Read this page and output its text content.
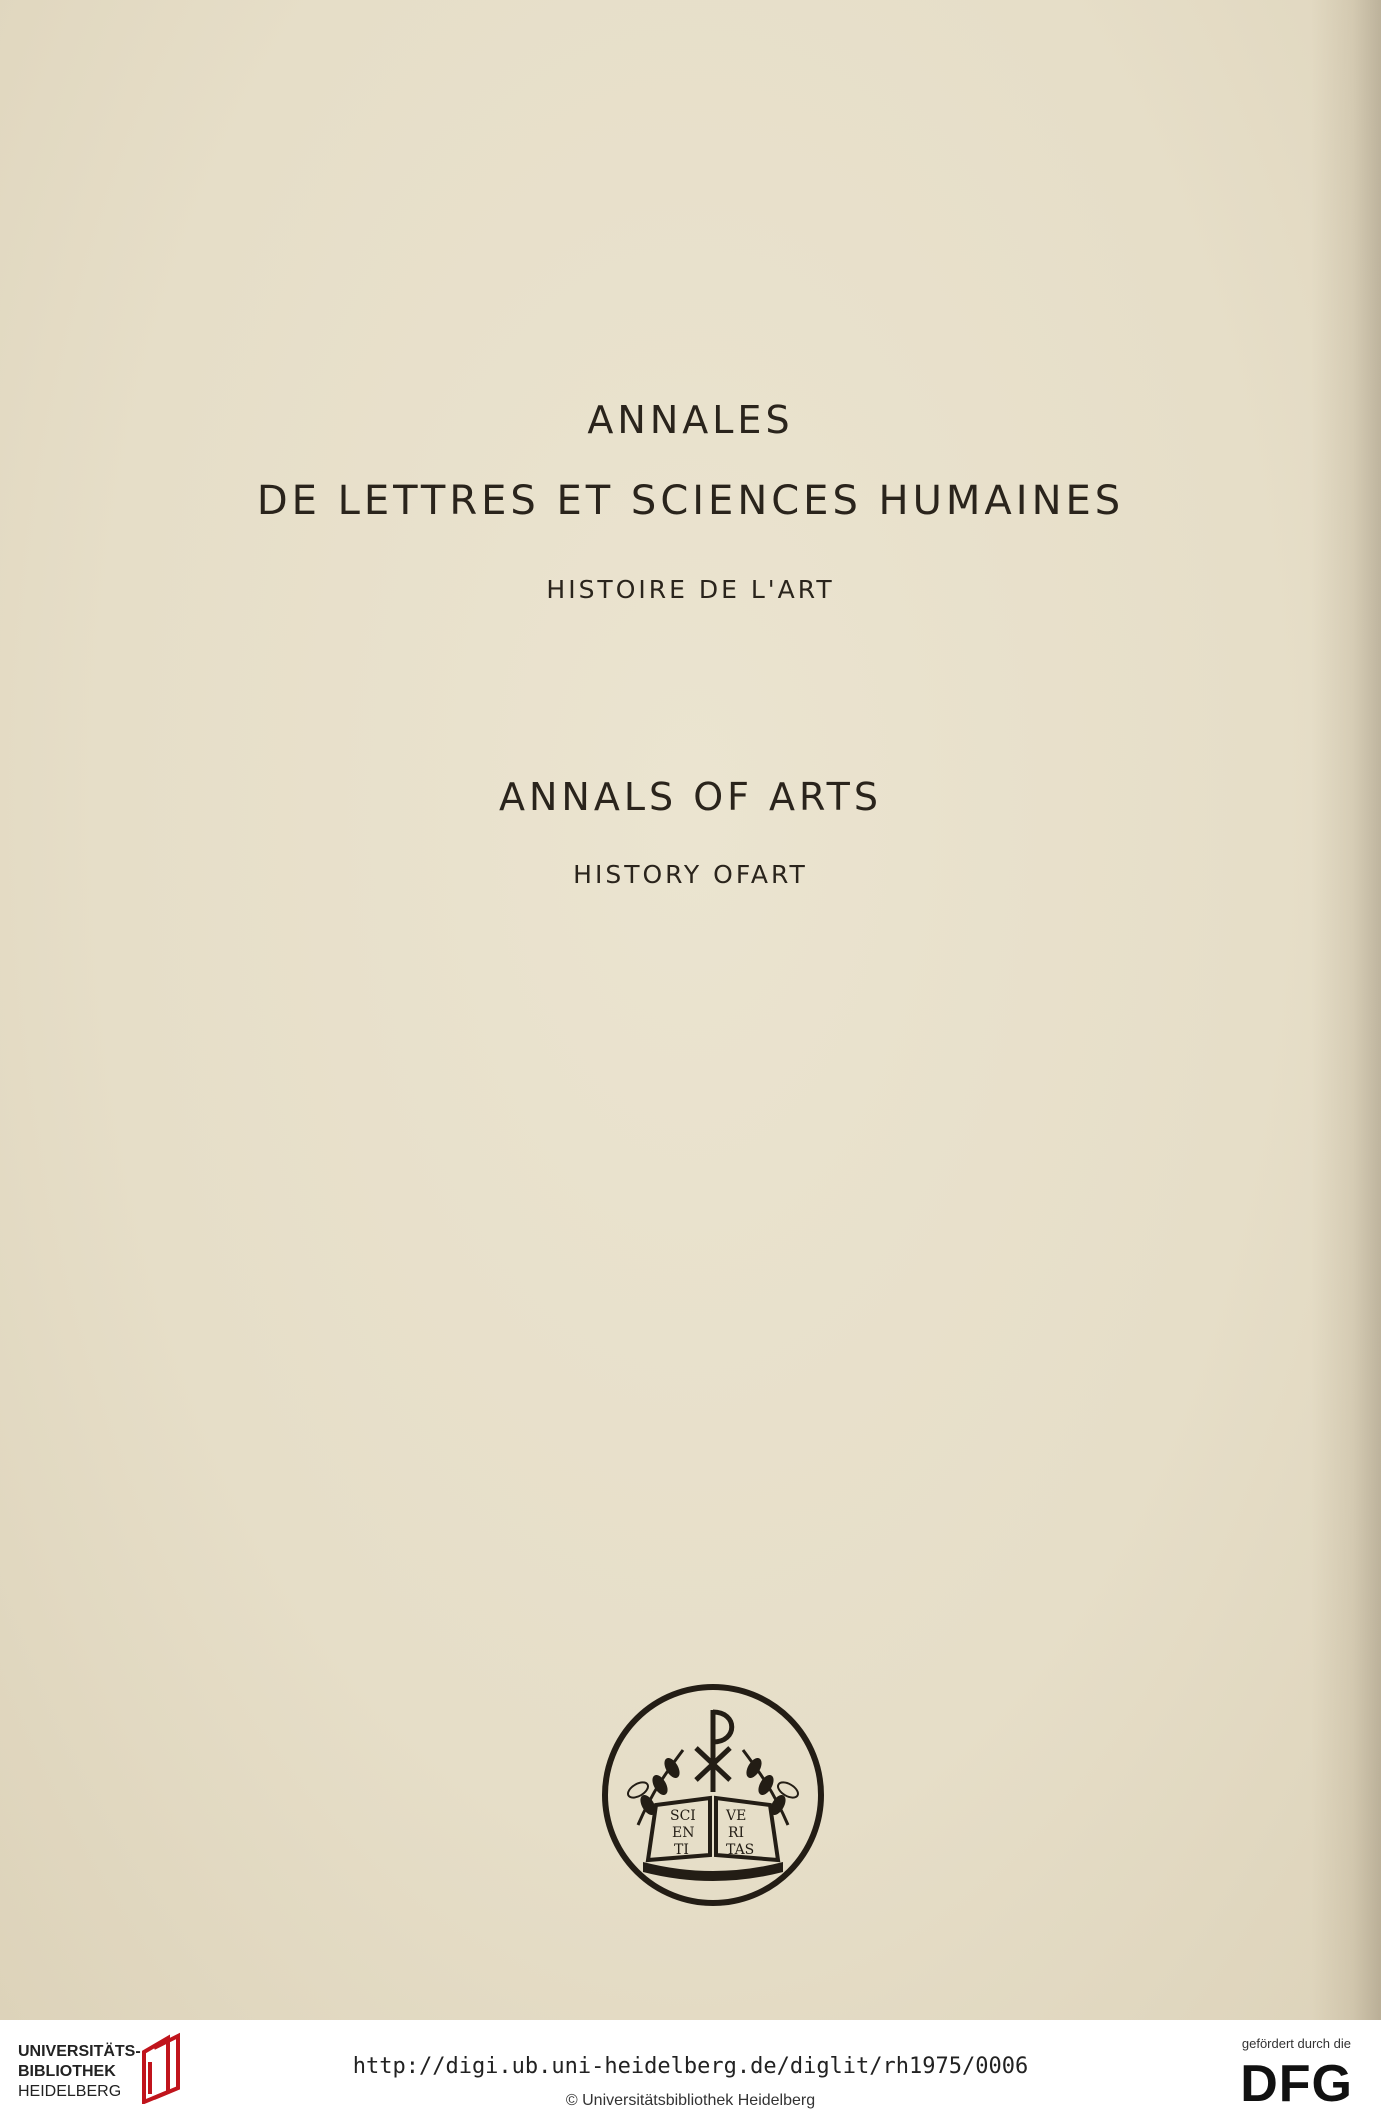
ANNALES
DE LETTRES ET SCIENCES HUMAINES
HISTOIRE DE L'ART
ANNALS OF ARTS
HISTORY OFART
SCI VE
EN RI
TI	TAS
UNIVERSITÄTS-
BIBLIOTHEK
HEIDELBERG
http://digi.ub.uni-heidelberg.de/diglit/rh1975/0006
© Universitätsbibliothek Heidelberg
gefördert durch die
DFG
